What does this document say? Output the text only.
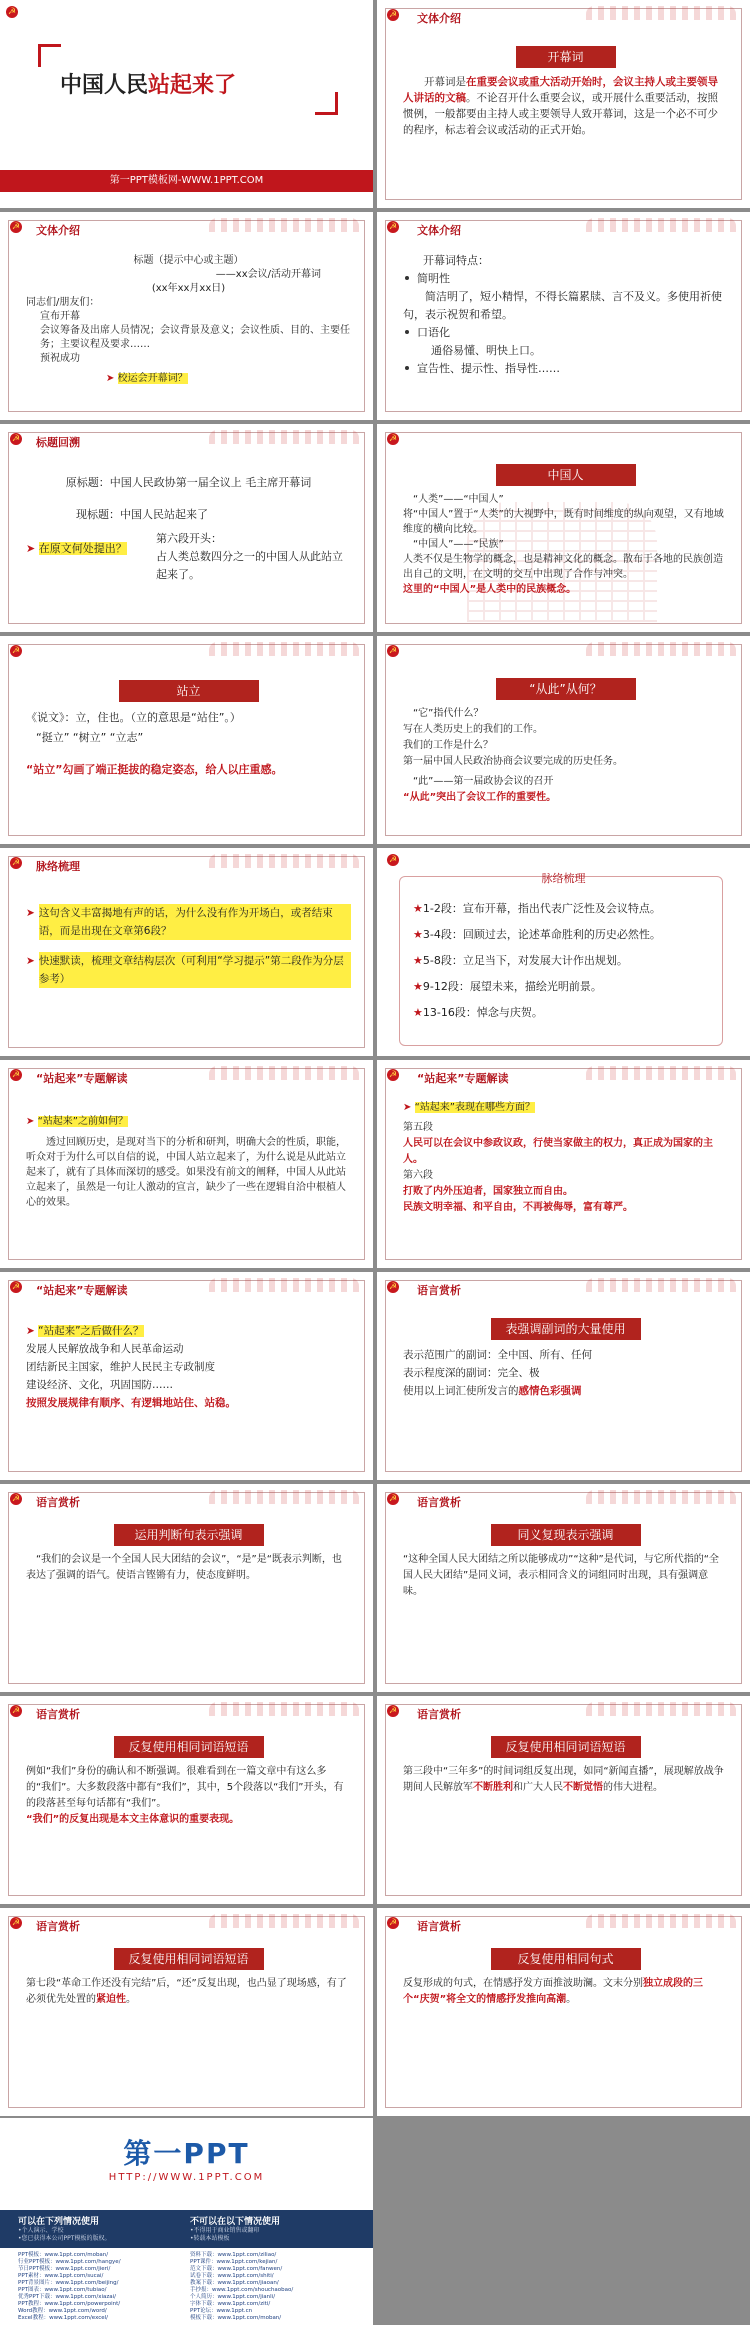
☭
中国人民站起来了
第一PPT模板网-WWW.1PPT.COM
☭ 文体介绍
开幕词
开幕词是在重要会议或重大活动开始时，会议主持人或主要领导人讲话的文稿。不论召开什么重要会议，或开展什么重要活动，按照惯例，一般都要由主持人或主要领导人致开幕词，这是一个必不可少的程序，标志着会议或活动的正式开始。
☭ 文体介绍
标题（提示中心或主题）
——xx会议/活动开幕词
(xx年xx月xx日)
同志们/朋友们：
宣布开幕
会议筹备及出席人员情况；会议背景及意义；会议性质、目的、主要任务；主要议程及要求……
预祝成功
➤ 校运会开幕词？
☭ 文体介绍
开幕词特点：
简明性
简洁明了，短小精悍，不得长篇累牍、言不及义。多使用祈使句，表示祝贺和希望。
口语化
通俗易懂、明快上口。
宣告性、提示性、指导性……
☭ 标题回溯
原标题：中国人民政协第一届全议上 毛主席开幕词
现标题：中国人民站起来了
第六段开头：
➤ 在原文何处提出？
占人类总数四分之一的中国人从此站立起来了。
☭
中国人
“人类”——“中国人”
将“中国人”置于“人类”的大视野中，既有时间维度的纵向观望，又有地域维度的横向比较。
“中国人”——“民族”
人类不仅是生物学的概念，也是精神文化的概念。散布于各地的民族创造出自己的文明，在文明的交互中出现了合作与冲突。
这里的“中国人”是人类中的民族概念。
☭
站立
《说文》：立，住也。（立的意思是“站住”。）
“挺立” “树立” “立志”
“站立”勾画了端正挺拔的稳定姿态，给人以庄重感。
☭
“从此”从何？
“它”指代什么？
写在人类历史上的我们的工作。
我们的工作是什么？
第一届中国人民政治协商会议要完成的历史任务。
“此”——第一届政协会议的召开
“从此”突出了会议工作的重要性。
☭ 脉络梳理
➤ 这句含义丰富揭地有声的话，为什么没有作为开场白，或者结束语，而是出现在文章第6段？
➤ 快速默读，梳理文章结构层次（可利用“学习提示”第二段作为分层参考）
☭
脉络梳理
★1-2段：宣布开幕，指出代表广泛性及会议特点。
★3-4段：回顾过去，论述革命胜利的历史必然性。
★5-8段：立足当下，对发展大计作出规划。
★9-12段：展望未来，描绘光明前景。
★13-16段：悼念与庆贺。
☭ “站起来”专题解读
➤ “站起来”之前如何？
透过回顾历史，是现对当下的分析和研判，明确大会的性质，职能，听众对于为什么可以自信的说，中国人站立起来了，为什么说是从此站立起来了，就有了具体而深切的感受。如果没有前文的阐释，中国人从此站立起来了，虽然是一句让人激动的宣言，缺少了一些在逻辑自洽中根植人心的效果。
☭ “站起来”专题解读
➤ “站起来”表现在哪些方面？
第五段
人民可以在会议中参政议政，行使当家做主的权力，真正成为国家的主人。
第六段
打败了内外压迫者，国家独立而自由。
民族文明幸福、和平自由，不再被侮辱，富有尊严。
☭ “站起来”专题解读
➤ “站起来”之后做什么？
发展人民解放战争和人民革命运动
团结新民主国家，维护人民民主专政制度
建设经济、文化，巩固国防……
按照发展规律有顺序、有逻辑地站住、站稳。
☭ 语言赏析
表强调副词的大量使用
表示范围广的副词：全中国、所有、任何
表示程度深的副词：完全、极
使用以上词汇使所发言的感情色彩强调
☭ 语言赏析
运用判断句表示强调
“我们的会议是一个全国人民大团结的会议”，“是”是“既表示判断，也表达了强调的语气。使语言铿锵有力，使态度鲜明。
☭ 语言赏析
同义复现表示强调
“这种全国人民大团结之所以能够成功”“这种”是代词，与它所代指的“全国人民大团结”是同义词，表示相同含义的词组同时出现，具有强调意味。
☭ 语言赏析
反复使用相同词语短语
例如“我们”身份的确认和不断强调。很难看到在一篇文章中有这么多的“我们”。大多数段落中都有“我们”，其中，5个段落以“我们”开头，有的段落甚至每句话都有“我们”。
“我们”的反复出现是本文主体意识的重要表现。
☭ 语言赏析
反复使用相同词语短语
第三段中“三年多”的时间词组反复出现，如同“新闻直播”，展现解放战争期间人民解放军不断胜利和广大人民不断觉悟的伟大进程。
☭ 语言赏析
反复使用相同词语短语
第七段“革命工作还没有完结”后，“还”反复出现，也凸显了现场感，有了必须优先处置的紧迫性。
☭ 语言赏析
反复使用相同句式
反复形成的句式，在情感抒发方面推波助澜。文末分别独立成段的三个“庆贺”将全文的情感抒发推向高潮。
第一PPT
HTTP://WWW.1PPT.COM
可以在下列情况使用
•个人演示、学校
•您已获得本公司PPT模板的版权。
不可以在以下情况使用
•不得用于商业销售或翻印
•转载本站模板
PPT模板：www.1ppt.com/moban/
行业PPT模板：www.1ppt.com/hangye/
节日PPT模板：www.1ppt.com/jieri/
PPT素材：www.1ppt.com/sucai/
PPT背景图片：www.1ppt.com/beijing/
PPT图表：www.1ppt.com/tubiao/
优秀PPT下载：www.1ppt.com/xiazai/
PPT教程：www.1ppt.com/powerpoint/
Word教程：www.1ppt.com/word/
Excel教程：www.1ppt.com/excel/
资料下载：www.1ppt.com/ziliao/
PPT课件：www.1ppt.com/kejian/
范文下载：www.1ppt.com/fanwen/
试卷下载：www.1ppt.com/shiti/
教案下载：www.1ppt.com/jiaoan/
手抄报：www.1ppt.com/shouchaobao/
个人简历：www.1ppt.com/jianli/
字体下载：www.1ppt.com/ziti/
PPT论坛：www.1ppt.cn
模板下载：www.1ppt.com/moban/
